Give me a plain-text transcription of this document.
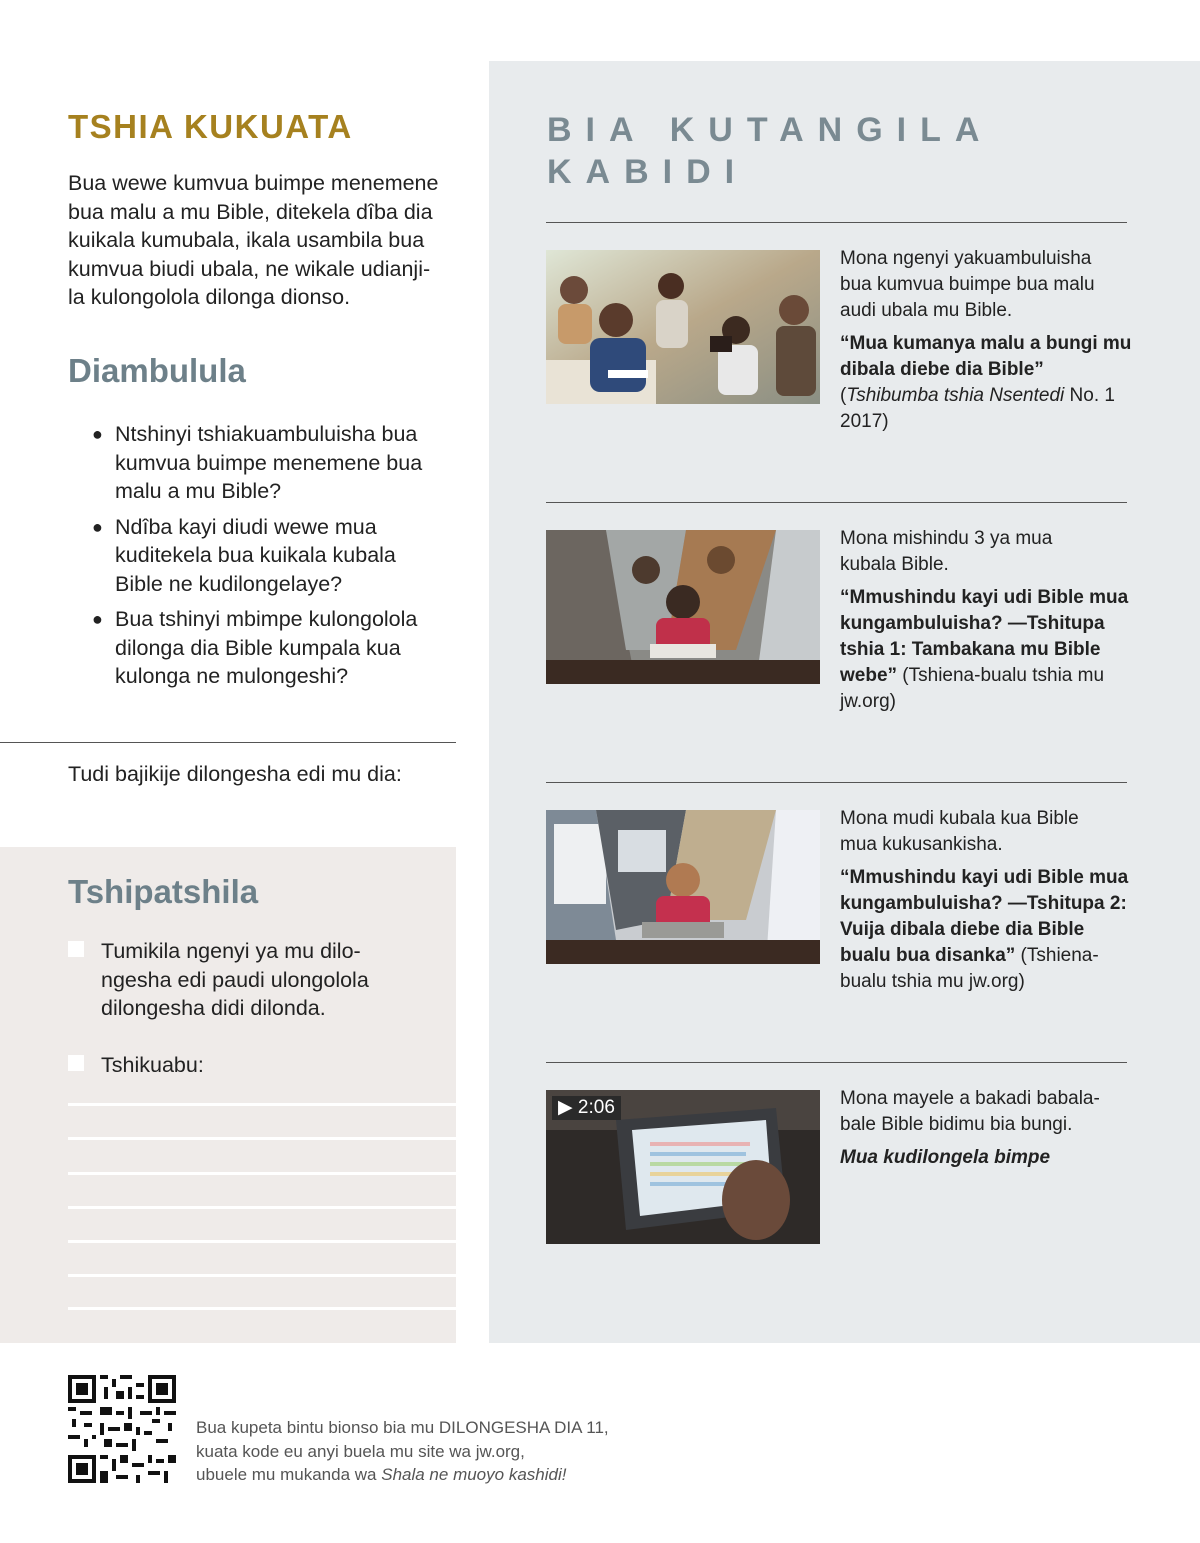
TSHIA KUKUATA
Bua wewe kumvua buimpe menemene
bua malu a mu Bible, ditekela dîba dia
kuikala kumubala, ikala usambila bua
kumvua biudi ubala, ne wikale udianji-
la kulongolola dilonga dionso.
Diambulula
● Ntshinyi tshiakuambuluisha bua
kumvua buimpe menemene bua
malu a mu Bible?
● Ndîba kayi diudi wewe mua
kuditekela bua kuikala kubala
Bible ne kudilongelaye?
● Bua tshinyi mbimpe kulongolola
dilonga dia Bible kumpala kua
kulonga ne mulongeshi?
Tudi bajikije dilongesha edi mu dia:
Tshipatshila
Tumikila ngenyi ya mu dilo-
ngesha edi paudi ulongolola
dilongesha didi dilonda.
Tshikuabu:
BIA KUTANGILA KABIDI
Mona ngenyi yakuambuluisha
bua kumvua buimpe bua malu
audi ubala mu Bible.
“Mua kumanya malu a bungi mu dibala diebe dia Bible” (Tshibumba tshia Nsentedi No. 1 2017)
Mona mishindu 3 ya mua
kubala Bible.
“Mmushindu kayi udi Bible mua kungambuluisha? —Tshitupa tshia 1: Tambakana mu Bible webe” (Tshiena-bualu tshia mu jw.org)
Mona mudi kubala kua Bible
mua kukusankisha.
“Mmushindu kayi udi Bible mua kungambuluisha? —Tshitupa 2: Vuija dibala diebe dia Bible bualu bua disanka” (Tshiena-bualu tshia mu jw.org)
▶ 2:06	Mona mayele a bakadi babala-
bale Bible bidimu bia bungi.
Mua kudilongela bimpe
Bua kupeta bintu bionso bia mu DILONGESHA DIA 11,
kuata kode eu anyi buela mu site wa jw.org,
ubuele mu mukanda wa Shala ne muoyo kashidi!
